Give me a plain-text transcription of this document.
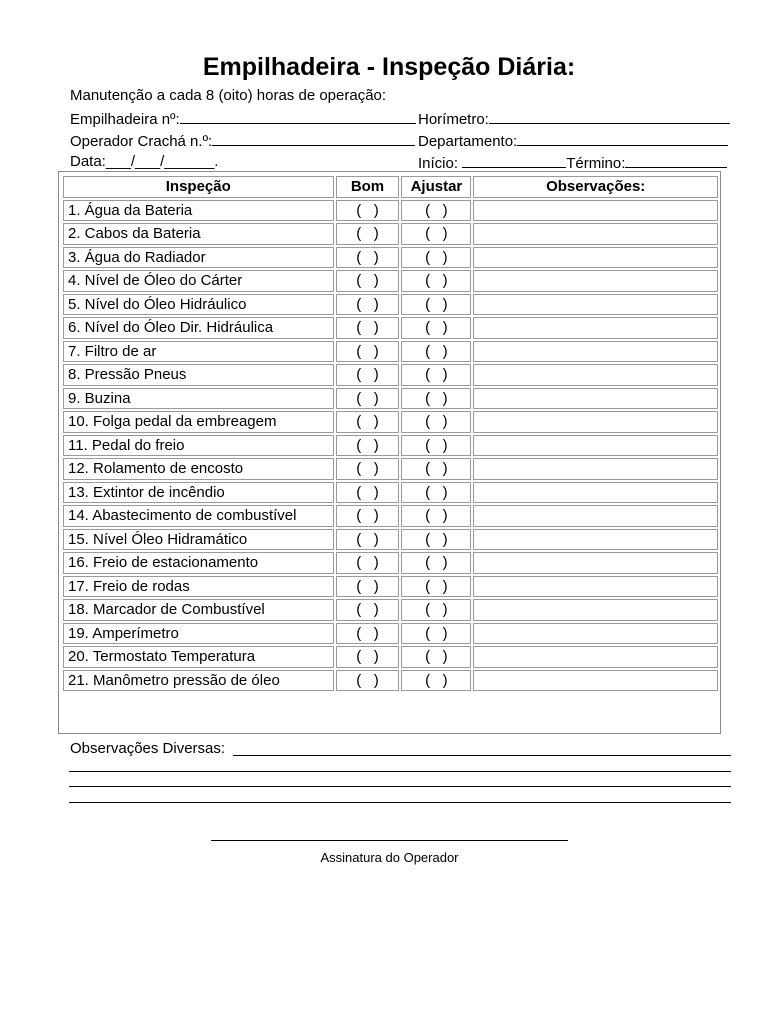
Empilhadeira - Inspeção Diária:
Manutenção a cada 8 (oito) horas de operação:
Empilhadeira nº:	Horímetro:
Operador Crachá n.º:	Departamento:
Data:___/___/______.	Início:	Término:
Inspeção	Bom	Ajustar	Observações:
1. Água da Bateria	(   )	(   )	
2. Cabos da Bateria	(   )	(   )	
3. Água do Radiador	(   )	(   )	
4. Nível de Óleo do Cárter	(   )	(   )	
5. Nível do Óleo Hidráulico	(   )	(   )	
6. Nível do Óleo Dir. Hidráulica	(   )	(   )	
7. Filtro de ar	(   )	(   )	
8. Pressão Pneus	(   )	(   )	
9. Buzina	(   )	(   )	
10. Folga pedal da embreagem	(   )	(   )	
11. Pedal do freio	(   )	(   )	
12. Rolamento de encosto	(   )	(   )	
13. Extintor de incêndio	(   )	(   )	
14. Abastecimento de combustível	(   )	(   )	
15. Nível Óleo Hidramático	(   )	(   )	
16. Freio de estacionamento	(   )	(   )	
17. Freio de rodas	(   )	(   )	
18. Marcador de Combustível	(   )	(   )	
19. Amperímetro	(   )	(   )	
20. Termostato Temperatura	(   )	(   )	
21. Manômetro pressão de óleo	(   )	(   )	
Observações Diversas:
Assinatura do Operador
